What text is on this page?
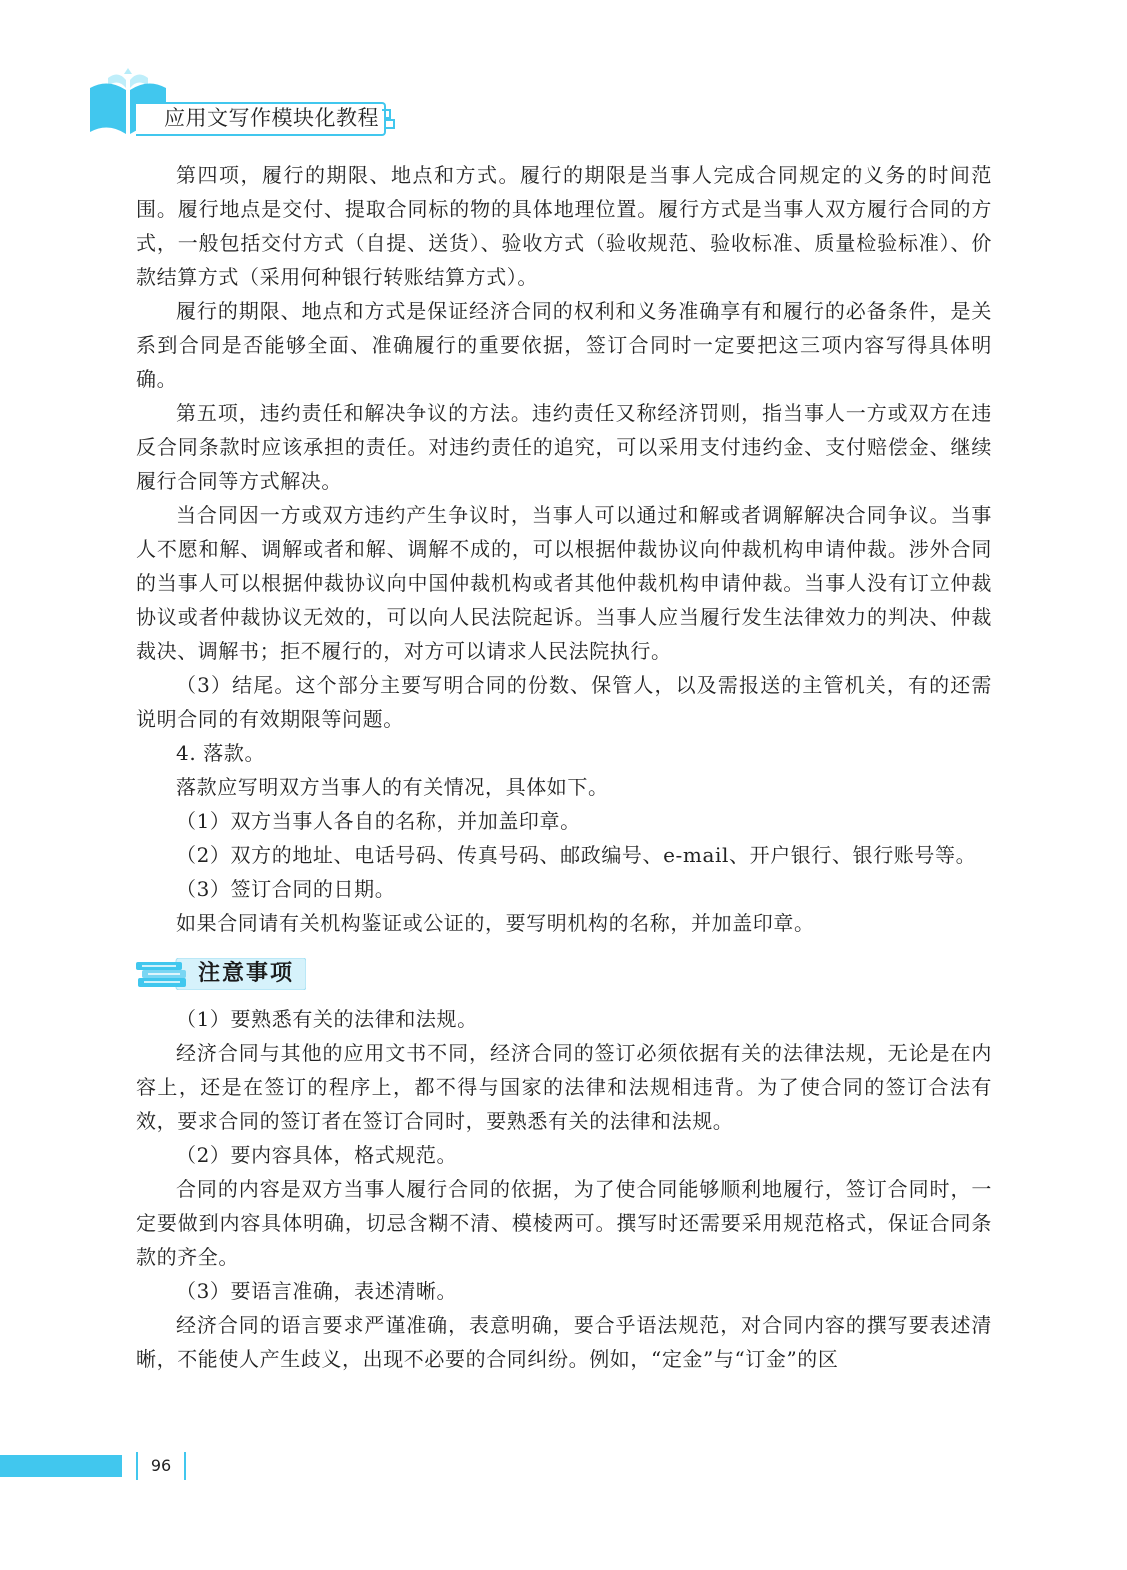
应用文写作模块化教程

第四项，履行的期限、地点和方式。履行的期限是当事人完成合同规定的义务的时间范围。履行地点是交付、提取合同标的物的具体地理位置。履行方式是当事人双方履行合同的方式，一般包括交付方式（自提、送货）、验收方式（验收规范、验收标准、质量检验标准）、价款结算方式（采用何种银行转账结算方式）。

履行的期限、地点和方式是保证经济合同的权利和义务准确享有和履行的必备条件，是关系到合同是否能够全面、准确履行的重要依据，签订合同时一定要把这三项内容写得具体明确。

第五项，违约责任和解决争议的方法。违约责任又称经济罚则，指当事人一方或双方在违反合同条款时应该承担的责任。对违约责任的追究，可以采用支付违约金、支付赔偿金、继续履行合同等方式解决。

当合同因一方或双方违约产生争议时，当事人可以通过和解或者调解解决合同争议。当事人不愿和解、调解或者和解、调解不成的，可以根据仲裁协议向仲裁机构申请仲裁。涉外合同的当事人可以根据仲裁协议向中国仲裁机构或者其他仲裁机构申请仲裁。当事人没有订立仲裁协议或者仲裁协议无效的，可以向人民法院起诉。当事人应当履行发生法律效力的判决、仲裁裁决、调解书；拒不履行的，对方可以请求人民法院执行。

（3）结尾。这个部分主要写明合同的份数、保管人，以及需报送的主管机关，有的还需说明合同的有效期限等问题。

4. 落款。

落款应写明双方当事人的有关情况，具体如下。

（1）双方当事人各自的名称，并加盖印章。

（2）双方的地址、电话号码、传真号码、邮政编号、e-mail、开户银行、银行账号等。

（3）签订合同的日期。

如果合同请有关机构鉴证或公证的，要写明机构的名称，并加盖印章。

注意事项

（1）要熟悉有关的法律和法规。

经济合同与其他的应用文书不同，经济合同的签订必须依据有关的法律法规，无论是在内容上，还是在签订的程序上，都不得与国家的法律和法规相违背。为了使合同的签订合法有效，要求合同的签订者在签订合同时，要熟悉有关的法律和法规。

（2）要内容具体，格式规范。

合同的内容是双方当事人履行合同的依据，为了使合同能够顺利地履行，签订合同时，一定要做到内容具体明确，切忌含糊不清、模棱两可。撰写时还需要采用规范格式，保证合同条款的齐全。

（3）要语言准确，表述清晰。

经济合同的语言要求严谨准确，表意明确，要合乎语法规范，对合同内容的撰写要表述清晰，不能使人产生歧义，出现不必要的合同纠纷。例如，“定金”与“订金”的区

96
